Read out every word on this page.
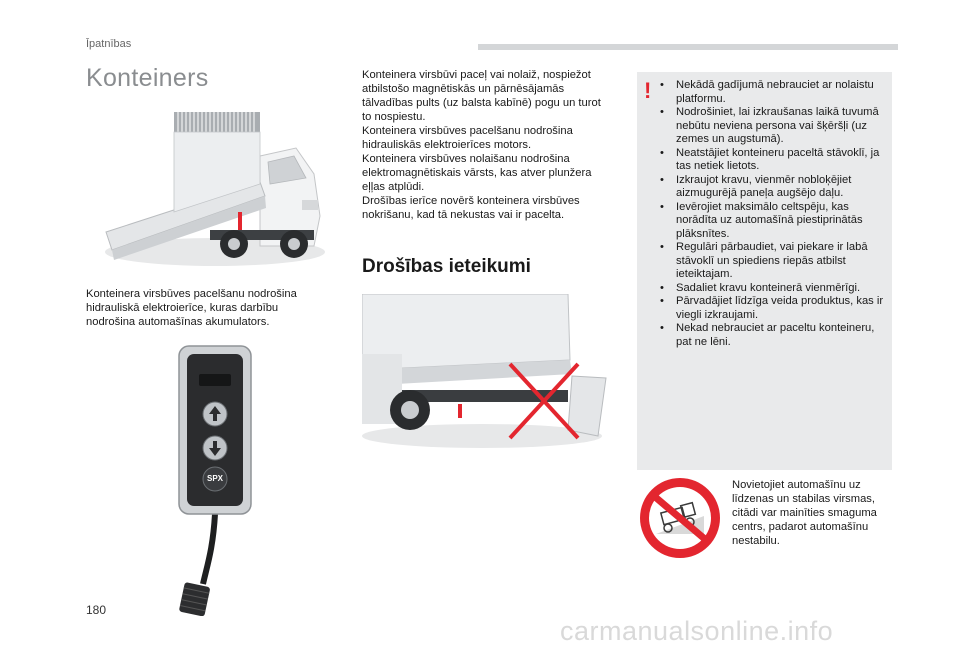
Īpatnības
Konteiners
Konteinera virsbūves pacelšanu nodrošina hidrauliskā elektroierīce, kuras darbību nodrošina automašīnas akumulators.
SPX
Konteinera virsbūvi paceļ vai nolaiž, nospiežot atbilstošo magnētiskās un pārnēsājamās tālvadības pults (uz balsta kabīnē) pogu un turot to nospiestu.
Konteinera virsbūves pacelšanu nodrošina hidrauliskās elektroierīces motors.
Konteinera virsbūves nolaišanu nodrošina elektromagnētiskais vārsts, kas atver plunžera eļļas atplūdi.
Drošības ierīce novērš konteinera virsbūves nokrišanu, kad tā nekustas vai ir pacelta.
Drošības ieteikumi
!
•	Nekādā gadījumā nebrauciet ar nolaistu platformu.
• Nodrošiniet, lai izkraušanas laikā tuvumā nebūtu neviena persona vai šķēršļi (uz zemes un augstumā).
• Neatstājiet konteineru paceltā stāvoklī, ja tas netiek lietots.
• Izkraujot kravu, vienmēr nobloķējiet aizmugurējā paneļa augšējo daļu.
• Ievērojiet maksimālo celtspēju, kas norādīta uz automašīnā piestiprinātās plāksnītes.
• Regulāri pārbaudiet, vai piekare ir labā stāvoklī un spiediens riepās atbilst ieteiktajam.
• Sadaliet kravu konteinerā vienmērīgi.
• Pārvadājiet līdzīga veida produktus, kas ir viegli izkraujami.
• Nekad nebrauciet ar paceltu konteineru, pat ne lēni.
Novietojiet automašīnu uz līdzenas un stabilas virsmas, citādi var mainīties smaguma centrs, padarot automašīnu nestabilu.
180
carmanualsonline.info
